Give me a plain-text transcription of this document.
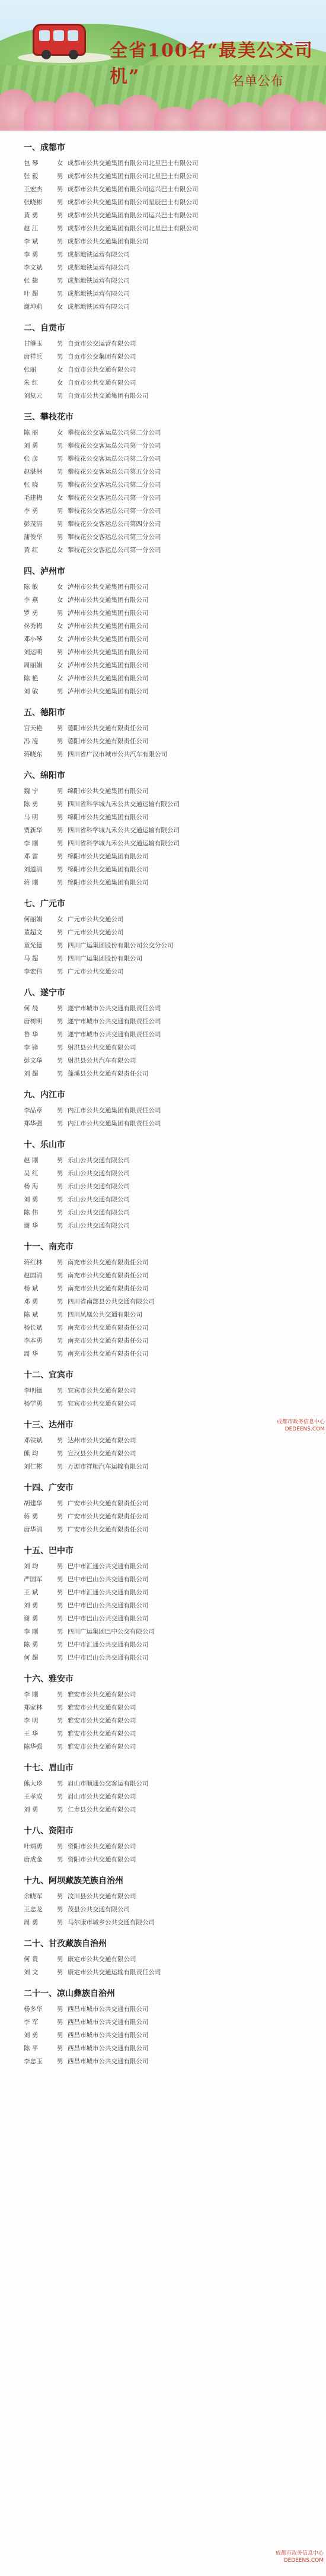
全省100名“最美公交司机”	名单公布
一、成都市
包 琴	女 成都市公共交通集团有限公司北星巴士有限公司
张 毅	男 成都市公共交通集团有限公司北星巴士有限公司
王宏杰	男 成都市公共交通集团有限公司运兴巴士有限公司
张晓彬	男 成都市公共交通集团有限公司星辰巴士有限公司
黄 勇	男 成都市公共交通集团有限公司运兴巴士有限公司
赵 江	男 成都市公共交通集团有限公司北星巴士有限公司
李 斌	男 成都市公共交通集团有限公司
李 勇	男 成都地铁运营有限公司
李文斌	男 成都地铁运营有限公司
张 捷	男 成都地铁运营有限公司
叶 超	男 成都地铁运营有限公司
谢坤莉	女 成都地铁运营有限公司
二、自贡市
甘肇玉	男 自贡市公交运营有限公司
唐祥兵	男 自贡市公交集团有限公司
张丽	女 自贡市公共交通有限公司
朱 红	女 自贡市公共交通有限公司
刘复元	男 自贡市公共交通集团有限公司
三、攀枝花市
陈 丽	女 攀枝花公交客运总公司第二分公司
刘 勇	男 攀枝花公交客运总公司第一分公司
张 彦	男 攀枝花公交客运总公司第二分公司
赵湛洲	男 攀枝花公交客运总公司第五分公司
张 晓	男 攀枝花公交客运总公司第二分公司
毛建梅	女 攀枝花公交客运总公司第一分公司
李 勇	男 攀枝花公交客运总公司第一分公司
彭茂清	男 攀枝花公交客运总公司第四分公司
蒲俊华	男 攀枝花公交客运总公司第三分公司
黄 红	女 攀枝花公交客运总公司第一分公司
四、泸州市
陈 敏	女 泸州市公共交通集团有限公司
李 燕	女 泸州市公共交通集团有限公司
罗 勇	男 泸州市公共交通集团有限公司
佟秀梅	女 泸州市公共交通集团有限公司
邓小琴	女 泸州市公共交通集团有限公司
刘运明	男 泸州市公共交通集团有限公司
周丽娟	女 泸州市公共交通集团有限公司
陈 艳	女 泸州市公共交通集团有限公司
刘 敏	男 泸州市公共交通集团有限公司
五、德阳市
宫天艳	男 德阳市公共交通有限责任公司
冯 凌	男 德阳市公共交通有限责任公司
蒋晓东	男 四川省广汉市城市公共汽车有限公司
六、绵阳市
魏 宁	男 绵阳市公共交通集团有限公司
陈 勇	男 四川省科学城九禾公共交通运输有限公司
马 明	男 绵阳市公共交通集团有限公司
贾新华	男 四川省科学城九禾公共交通运输有限公司
李 刚	男 四川省科学城九禾公共交通运输有限公司
邓 雷	男 绵阳市公共交通集团有限公司
刘道清	男 绵阳市公共交通集团有限公司
蒋 刚	男 绵阳市公共交通集团有限公司
七、广元市
何丽娟	女 广元市公共交通公司
董超文	男 广元市公共交通公司
童光德	男 四川广运集团股份有限公司公交分公司
马 超	男 四川广运集团股份有限公司
李宏伟	男 广元市公共交通公司
八、遂宁市
何 晨	男 遂宁市城市公共交通有限责任公司
唐树明	男 遂宁市城市公共交通有限责任公司
鲁 华	男 遂宁市城市公共交通有限责任公司
李 锋	男 射洪县公共交通有限公司
彭文华	男 射洪县公共汽车有限公司
刘 超	男 蓬溪县公共交通有限责任公司
九、内江市
李品章	男 内江市公共交通集团有限责任公司
郑华强	男 内江市公共交通集团有限责任公司
十、乐山市
赵 刚	男 乐山公共交通有限公司
吴 红	男 乐山公共交通有限公司
杨 海	男 乐山公共交通有限公司
刘 勇	男 乐山公共交通有限公司
陈 伟	男 乐山公共交通有限公司
谢 华	男 乐山公共交通有限公司
十一、南充市
蒋红林	男 南充市公共交通有限责任公司
赵国清	男 南充市公共交通有限责任公司
杨 斌	男 南充市公共交通有限责任公司
邓 勇	男 四川省南部县公共交通有限公司
陈 斌	男 四川凤凰公共交通有限公司
杨长斌	男 南充市公共交通有限责任公司
李本勇	男 南充市公共交通有限责任公司
周 华	男 南充市公共交通有限责任公司
十二、宜宾市
李明德	男 宜宾市公共交通有限公司
杨学勇	男 宜宾市公共交通有限公司
十三、达州市
邓铁斌	男 达州市公共交通有限公司
熊 均	男 宣汉县公共交通有限公司
刘仁彬	男 万源市祥顺汽车运输有限公司
十四、广安市
胡建华	男 广安市公共交通有限责任公司
蒋 勇	男 广安市公共交通有限责任公司
唐华清	男 广安市公共交通有限责任公司
十五、巴中市
刘 均	男 巴中市汇通公共交通有限公司
严国军	男 巴中市巴山公共交通有限公司
王 斌	男 巴中市汇通公共交通有限公司
刘 勇	男 巴中市巴山公共交通有限公司
谢 勇	男 巴中市巴山公共交通有限公司
李 刚	男 四川广运集团巴中公交有限公司
陈 勇	男 巴中市汇通公共交通有限公司
何 超	男 巴中市巴山公共交通有限公司
十六、雅安市
李 刚	男 雅安市公共交通有限公司
郑家林	男 雅安市公共交通有限公司
李 明	男 雅安市公共交通有限公司
王 华	男 雅安市公共交通有限公司
陈华强	男 雅安市公共交通有限公司
十七、眉山市
熊大珍	男 眉山市顺通公交客运有限公司
王孝成	男 眉山市公共交通有限公司
刘 勇	男 仁寿县公共交通有限公司
十八、资阳市
叶靖勇	男 资阳市公共交通有限公司
唐成金	男 资阳市公共交通有限公司
十九、阿坝藏族羌族自治州
余晓军	男 汶川县公共交通有限公司
王忠龙	男 茂县公共交通有限公司
周 勇	男 马尔康市城乡公共交通有限公司
二十、甘孜藏族自治州
何 贵	男 康定市公共交通有限公司
刘 文	男 康定市公共交通运输有限责任公司
二十一、凉山彝族自治州
杨多华	男 西昌市城市公共交通有限公司
李 军	男 西昌市城市公共交通有限公司
刘 勇	男 西昌市城市公共交通有限公司
陈 平	男 西昌市城市公共交通有限公司
李忠玉	男 西昌市城市公共交通有限公司
成都市政务信息中心
DEDEENS.COM
成都市政务信息中心
DEDEENS.COM
